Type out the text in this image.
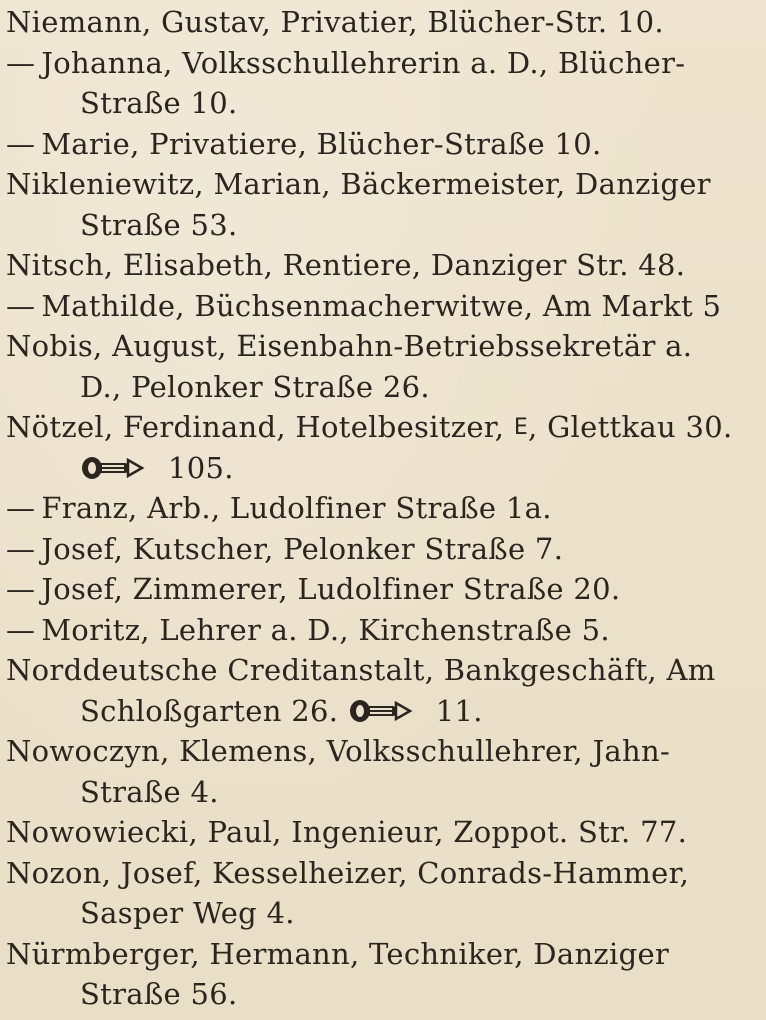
Niemann, Gustav, Privatier, Blücher-Str. 10.
— Johanna, Volksschullehrerin a. D., Blücher-
Straße 10.
— Marie, Privatiere, Blücher-Straße 10.
Nikleniewitz, Marian, Bäckermeister, Danziger
Straße 53.
Nitsch, Elisabeth, Rentiere, Danziger Str. 48.
— Mathilde, Büchsenmacherwitwe, Am Markt 5
Nobis, August, Eisenbahn-Betriebssekretär a.
D., Pelonker Straße 26.
Nötzel, Ferdinand, Hotelbesitzer, E, Glettkau 30.
105.
— Franz, Arb., Ludolfiner Straße 1a.
— Josef, Kutscher, Pelonker Straße 7.
— Josef, Zimmerer, Ludolfiner Straße 20.
— Moritz, Lehrer a. D., Kirchenstraße 5.
Norddeutsche Creditanstalt, Bankgeschäft, Am
Schloßgarten 26.	11.
Nowoczyn, Klemens, Volksschullehrer, Jahn-
Straße 4.
Nowowiecki, Paul, Ingenieur, Zoppot. Str. 77.
Nozon, Josef, Kesselheizer, Conrads-Hammer,
Sasper Weg 4.
Nürmberger, Hermann, Techniker, Danziger
Straße 56.
